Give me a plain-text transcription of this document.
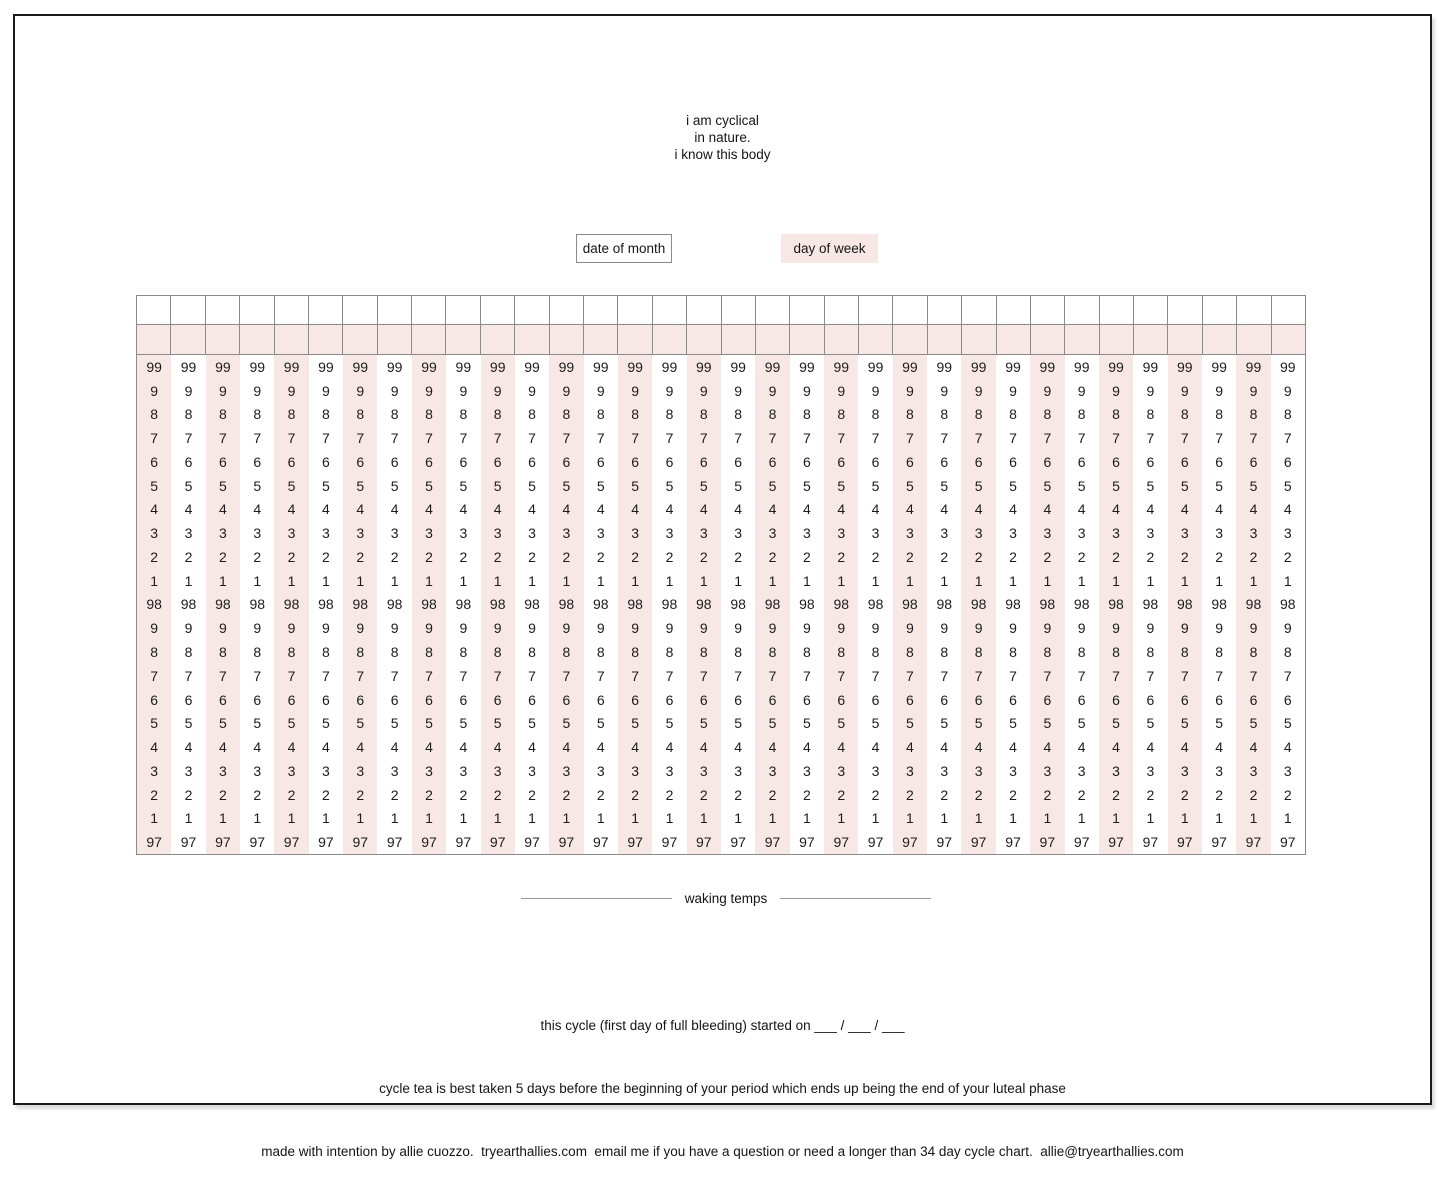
i am cyclical
in nature.
i know this body
date of month	day of week
99
9
8
7
6
5
4
3
2
1
98
9
8
7
6
5
4
3
2
1
97
99
9
8
7
6
5
4
3
2
1
98
9
8
7
6
5
4
3
2
1
97
99
9
8
7
6
5
4
3
2
1
98
9
8
7
6
5
4
3
2
1
97
99
9
8
7
6
5
4
3
2
1
98
9
8
7
6
5
4
3
2
1
97
99
9
8
7
6
5
4
3
2
1
98
9
8
7
6
5
4
3
2
1
97
99
9
8
7
6
5
4
3
2
1
98
9
8
7
6
5
4
3
2
1
97
99
9
8
7
6
5
4
3
2
1
98
9
8
7
6
5
4
3
2
1
97
99
9
8
7
6
5
4
3
2
1
98
9
8
7
6
5
4
3
2
1
97
99
9
8
7
6
5
4
3
2
1
98
9
8
7
6
5
4
3
2
1
97
99
9
8
7
6
5
4
3
2
1
98
9
8
7
6
5
4
3
2
1
97
99
9
8
7
6
5
4
3
2
1
98
9
8
7
6
5
4
3
2
1
97
99
9
8
7
6
5
4
3
2
1
98
9
8
7
6
5
4
3
2
1
97
99
9
8
7
6
5
4
3
2
1
98
9
8
7
6
5
4
3
2
1
97
99
9
8
7
6
5
4
3
2
1
98
9
8
7
6
5
4
3
2
1
97
99
9
8
7
6
5
4
3
2
1
98
9
8
7
6
5
4
3
2
1
97
99
9
8
7
6
5
4
3
2
1
98
9
8
7
6
5
4
3
2
1
97
99
9
8
7
6
5
4
3
2
1
98
9
8
7
6
5
4
3
2
1
97
99
9
8
7
6
5
4
3
2
1
98
9
8
7
6
5
4
3
2
1
97
99
9
8
7
6
5
4
3
2
1
98
9
8
7
6
5
4
3
2
1
97
99
9
8
7
6
5
4
3
2
1
98
9
8
7
6
5
4
3
2
1
97
99
9
8
7
6
5
4
3
2
1
98
9
8
7
6
5
4
3
2
1
97
99
9
8
7
6
5
4
3
2
1
98
9
8
7
6
5
4
3
2
1
97
99
9
8
7
6
5
4
3
2
1
98
9
8
7
6
5
4
3
2
1
97
99
9
8
7
6
5
4
3
2
1
98
9
8
7
6
5
4
3
2
1
97
99
9
8
7
6
5
4
3
2
1
98
9
8
7
6
5
4
3
2
1
97
99
9
8
7
6
5
4
3
2
1
98
9
8
7
6
5
4
3
2
1
97
99
9
8
7
6
5
4
3
2
1
98
9
8
7
6
5
4
3
2
1
97
99
9
8
7
6
5
4
3
2
1
98
9
8
7
6
5
4
3
2
1
97
99
9
8
7
6
5
4
3
2
1
98
9
8
7
6
5
4
3
2
1
97
99
9
8
7
6
5
4
3
2
1
98
9
8
7
6
5
4
3
2
1
97
99
9
8
7
6
5
4
3
2
1
98
9
8
7
6
5
4
3
2
1
97
99
9
8
7
6
5
4
3
2
1
98
9
8
7
6
5
4
3
2
1
97
99
9
8
7
6
5
4
3
2
1
98
9
8
7
6
5
4
3
2
1
97
99
9
8
7
6
5
4
3
2
1
98
9
8
7
6
5
4
3
2
1
97
waking temps

this cycle (first day of full bleeding) started on ___ / ___ / ___

cycle tea is best taken 5 days before the beginning of your period which ends up being the end of your luteal phase

made with intention by allie cuozzo.  tryearthallies.com  email me if you have a question or need a longer than 34 day cycle chart.  allie@tryearthallies.com
